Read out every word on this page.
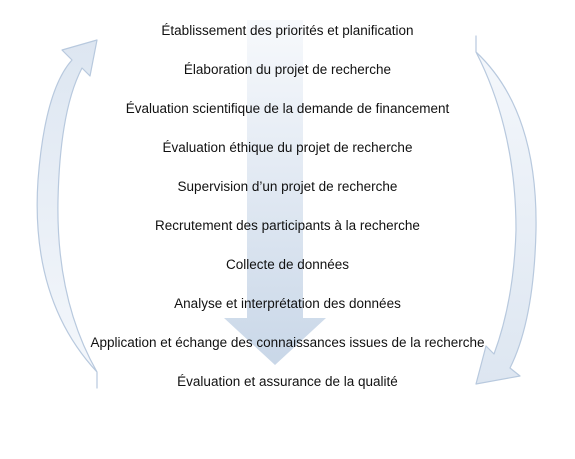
Établissement des priorités et planification
Élaboration du projet de recherche
Évaluation scientifique de la demande de financement
Évaluation éthique du projet de recherche
Supervision d’un projet de recherche
Recrutement des participants à la recherche
Collecte de données
Analyse et interprétation des données
Application et échange des connaissances issues de la recherche
Évaluation et assurance de la qualité
